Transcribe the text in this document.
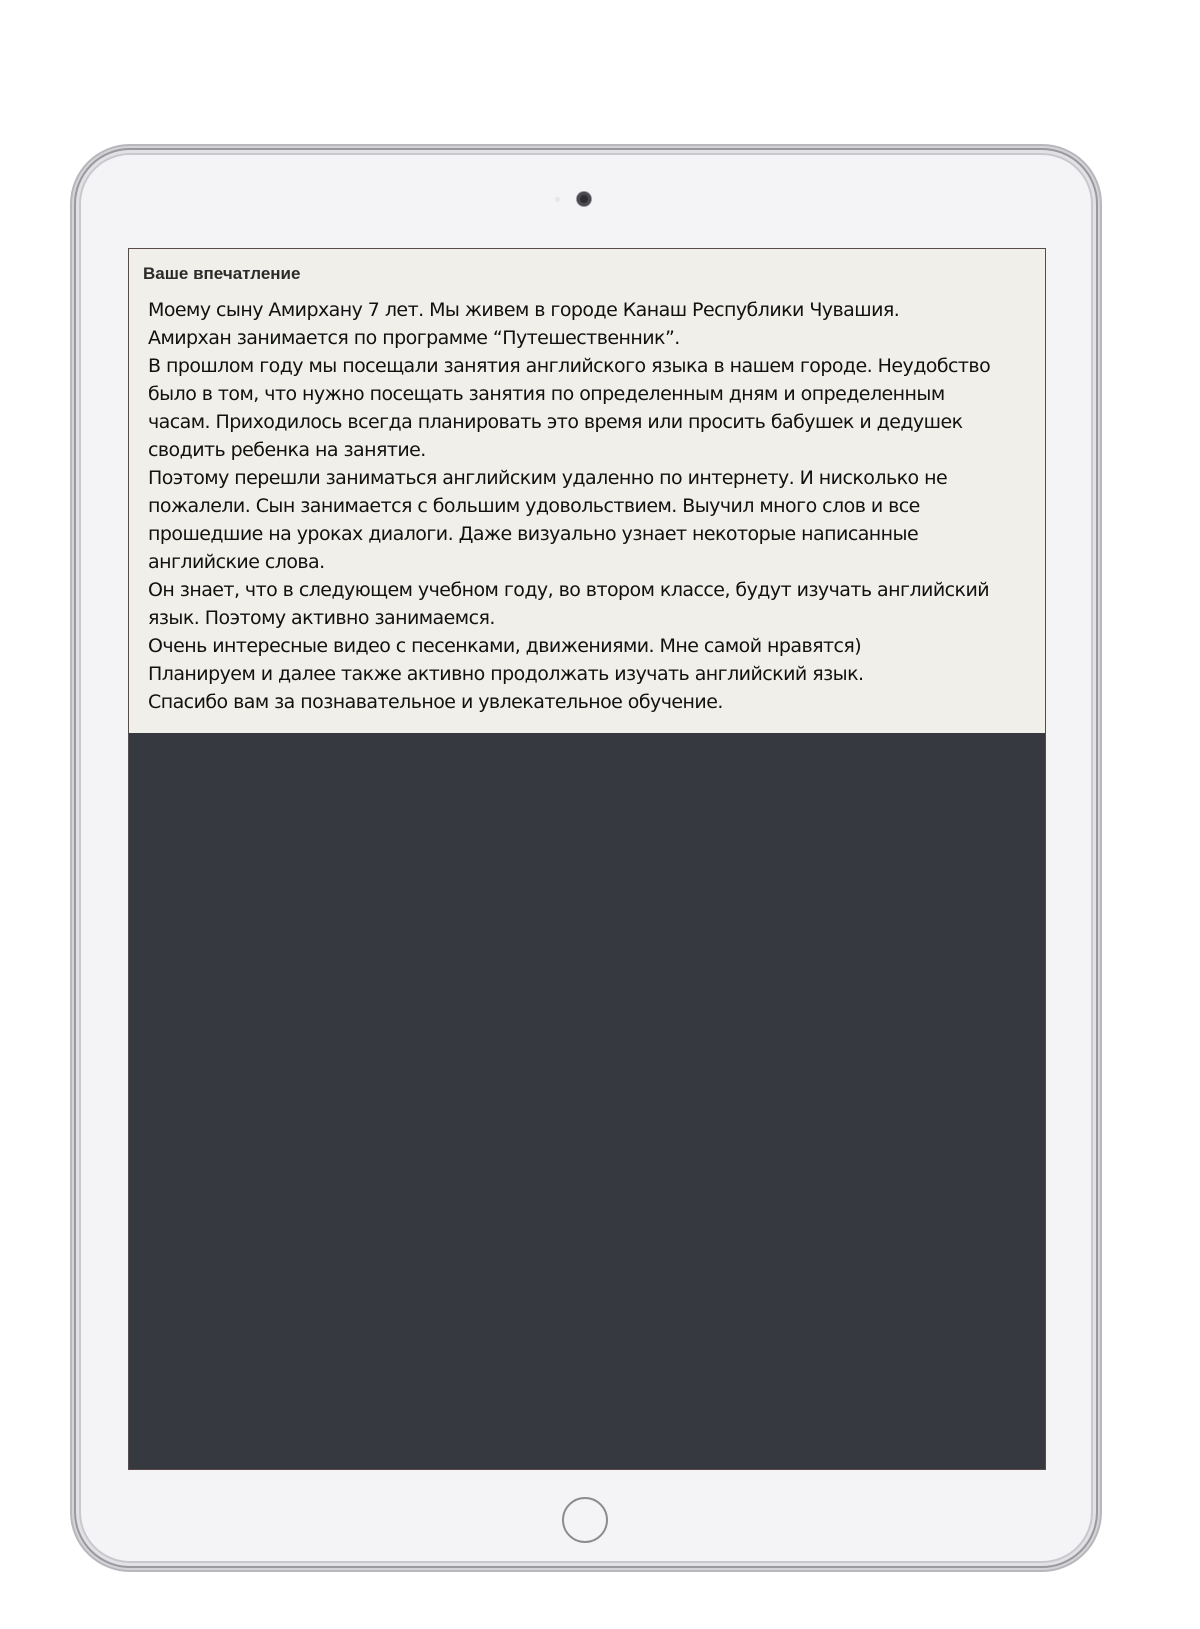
Ваше впечатление
Моему сыну Амирхану 7 лет. Мы живем в городе Канаш Республики Чувашия.
Амирхан занимается по программе “Путешественник”.
В прошлом году мы посещали занятия английского языка в нашем городе. Неудобство
было в том, что нужно посещать занятия по определенным дням и определенным
часам. Приходилось всегда планировать это время или просить бабушек и дедушек
сводить ребенка на занятие.
Поэтому перешли заниматься английским удаленно по интернету. И нисколько не
пожалели. Сын занимается с большим удовольствием. Выучил много слов и все
прошедшие на уроках диалоги. Даже визуально узнает некоторые написанные
английские слова.
Он знает, что в следующем учебном году, во втором классе, будут изучать английский
язык. Поэтому активно занимаемся.
Очень интересные видео с песенками, движениями. Мне самой нравятся)
Планируем и далее также активно продолжать изучать английский язык.
Спасибо вам за познавательное и увлекательное обучение.
